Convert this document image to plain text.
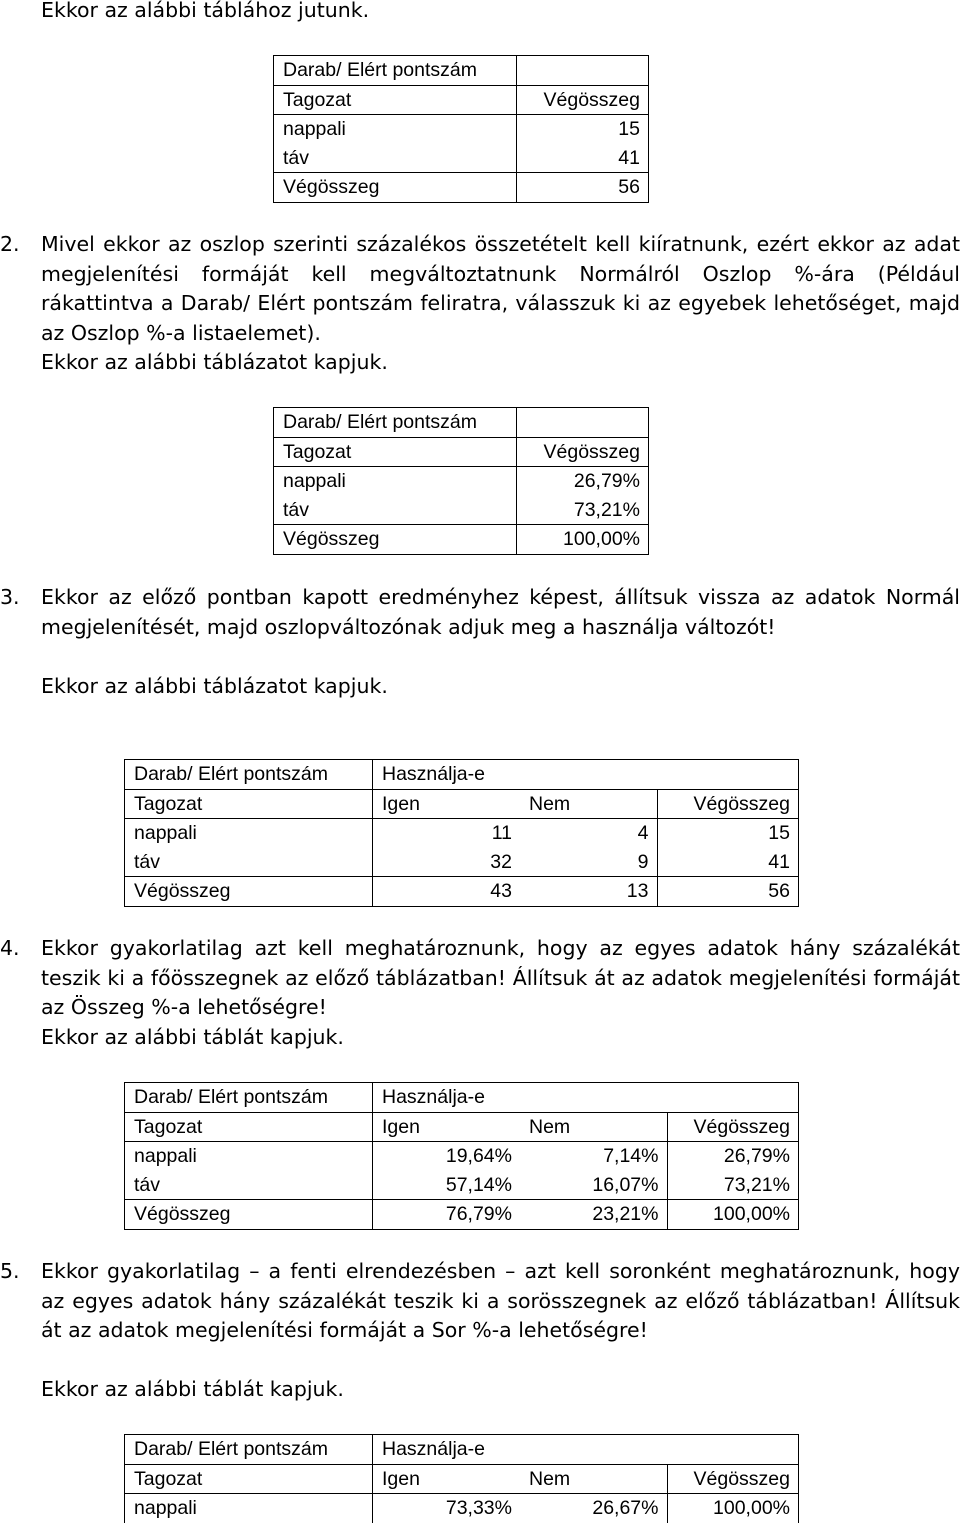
Ekkor az alábbi táblához jutunk.

Darab/ Elért pontszám	
Tagozat	Végösszeg
nappali	15
táv	41
Végösszeg	56
2. Mivel ekkor az oszlop szerinti százalékos összetételt kell kiíratnunk, ezért ekkor az adat megjelenítési formáját kell megváltoztatnunk Normálról Oszlop %-ára (Például rákattintva a Darab/ Elért pontszám feliratra, válasszuk ki az egyebek lehetőséget, majd az Oszlop %-a listaelemet).

Ekkor az alábbi táblázatot kapjuk.

Darab/ Elért pontszám	
Tagozat	Végösszeg
nappali	26,79%
táv	73,21%
Végösszeg	100,00%
3. Ekkor az előző pontban kapott eredményhez képest, állítsuk vissza az adatok Normál megjelenítését, majd oszlopváltozónak adjuk meg a használja változót!

Ekkor az alábbi táblázatot kapjuk.

Darab/ Elért pontszám	Használja-e		
Tagozat	Igen	Nem	Végösszeg
nappali	11	4	15
táv	32	9	41
Végösszeg	43	13	56
4. Ekkor gyakorlatilag azt kell meghatároznunk, hogy az egyes adatok hány százalékát teszik ki a főösszegnek az előző táblázatban! Állítsuk át az adatok megjelenítési formáját az Összeg %-a lehetőségre!

Ekkor az alábbi táblát kapjuk.

Darab/ Elért pontszám	Használja-e		
Tagozat	Igen	Nem	Végösszeg
nappali	19,64%	7,14%	26,79%
táv	57,14%	16,07%	73,21%
Végösszeg	76,79%	23,21%	100,00%
5. Ekkor gyakorlatilag – a fenti elrendezésben – azt kell soronként meghatároznunk, hogy az egyes adatok hány százalékát teszik ki a sorösszegnek az előző táblázatban! Állítsuk át az adatok megjelenítési formáját a Sor %-a lehetőségre!

Ekkor az alábbi táblát kapjuk.

Darab/ Elért pontszám	Használja-e		
Tagozat	Igen	Nem	Végösszeg
nappali	73,33%	26,67%	100,00%
